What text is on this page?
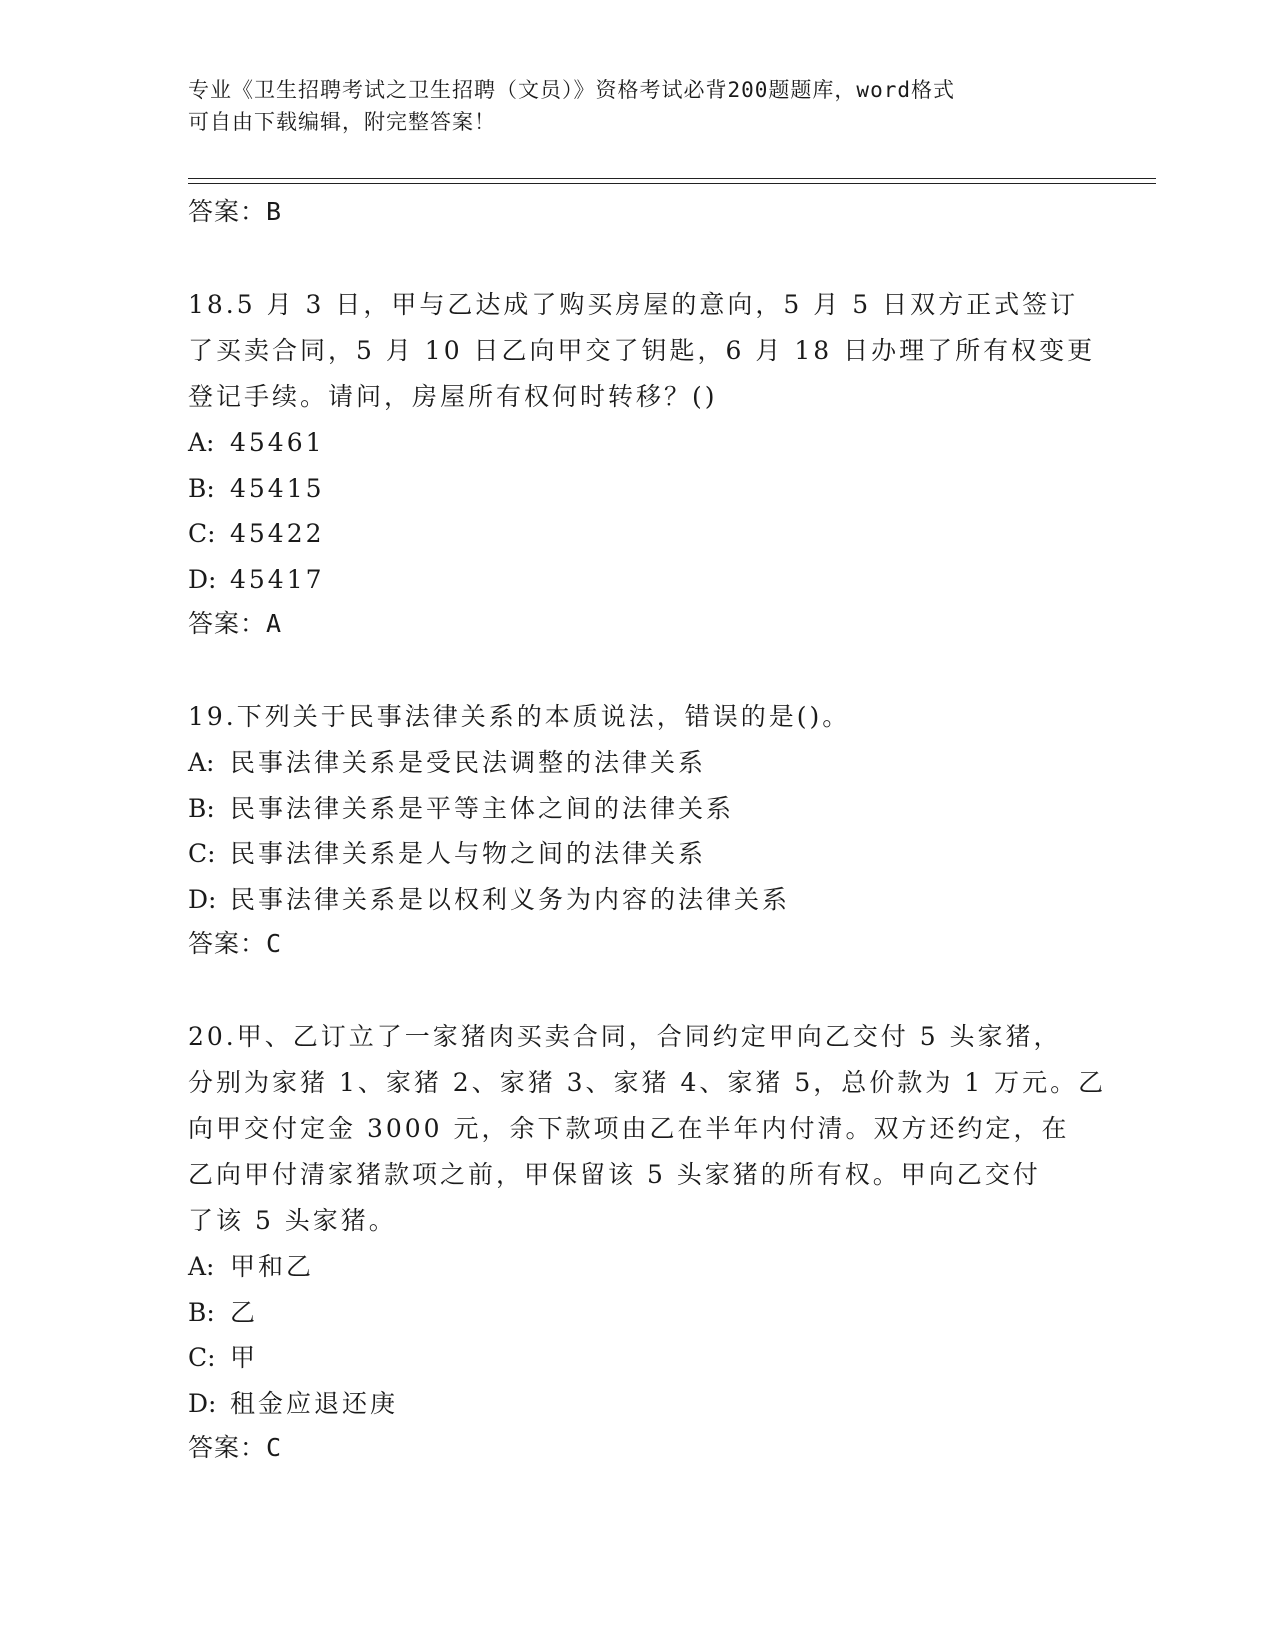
专业《卫生招聘考试之卫生招聘（文员）》资格考试必背200题题库，word格式
可自由下载编辑，附完整答案！
答案：B
18.5 月 3 日，甲与乙达成了购买房屋的意向，5 月 5 日双方正式签订
了买卖合同，5 月 10 日乙向甲交了钥匙，6 月 18 日办理了所有权变更
登记手续。请问，房屋所有权何时转移？()
A: 45461
B: 45415
C: 45422
D: 45417
答案：A
19.下列关于民事法律关系的本质说法，错误的是()。
A: 民事法律关系是受民法调整的法律关系
B: 民事法律关系是平等主体之间的法律关系
C: 民事法律关系是人与物之间的法律关系
D: 民事法律关系是以权利义务为内容的法律关系
答案：C
20.甲、乙订立了一家猪肉买卖合同，合同约定甲向乙交付 5 头家猪，
分别为家猪 1、家猪 2、家猪 3、家猪 4、家猪 5，总价款为 1 万元。乙
向甲交付定金 3000 元，余下款项由乙在半年内付清。双方还约定，在
乙向甲付清家猪款项之前，甲保留该 5 头家猪的所有权。甲向乙交付
了该 5 头家猪。
A: 甲和乙
B: 乙
C: 甲
D: 租金应退还庚
答案：C
